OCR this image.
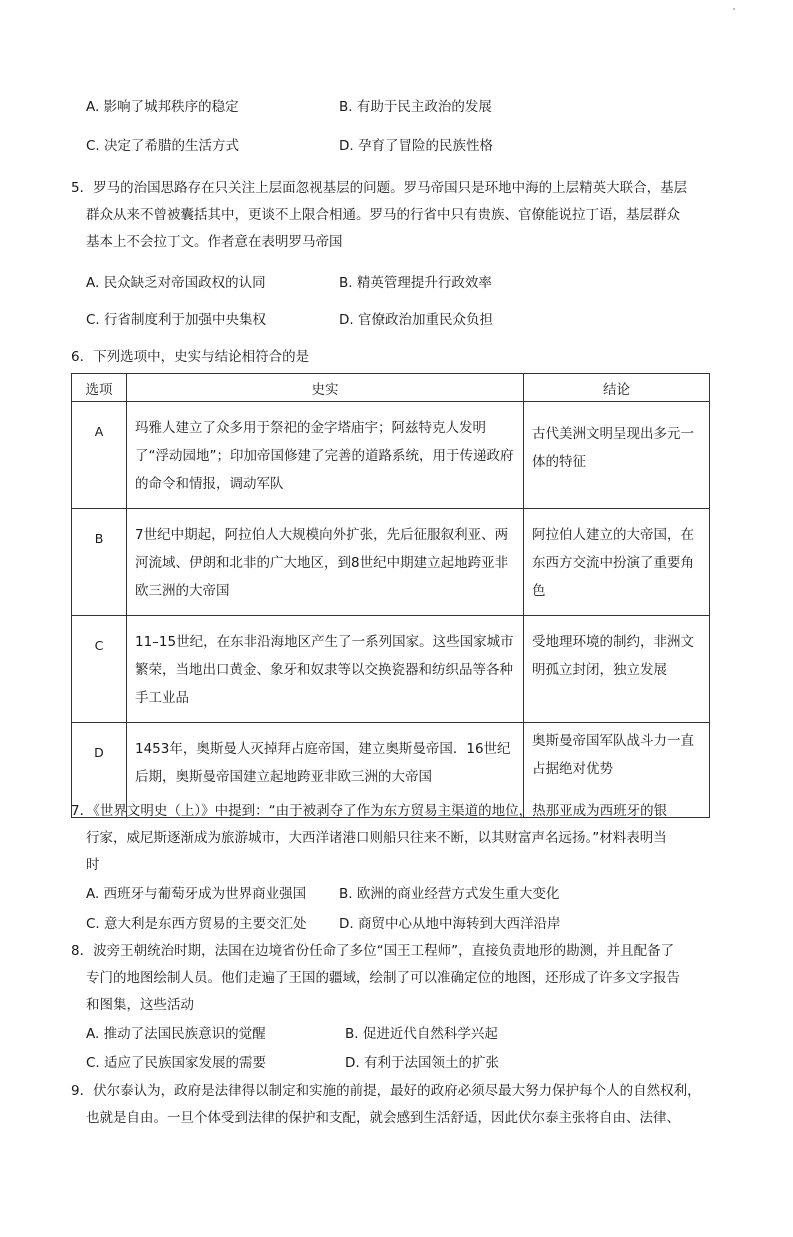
A. 影响了城邦秩序的稳定	B. 有助于民主政治的发展
C. 决定了希腊的生活方式	D. 孕育了冒险的民族性格
5．罗马的治国思路存在只关注上层面忽视基层的问题。罗马帝国只是环地中海的上层精英大联合，基层
群众从来不曾被囊括其中，更谈不上限合相通。罗马的行省中只有贵族、官僚能说拉丁语，基层群众
基本上不会拉丁文。作者意在表明罗马帝国
A. 民众缺乏对帝国政权的认同	B. 精英管理提升行政效率
C. 行省制度利于加强中央集权	D. 官僚政治加重民众负担
6．下列选项中，史实与结论相符合的是
选项	史实	结论
A	玛雅人建立了众多用于祭祀的金字塔庙宇；阿兹特克人发明了“浮动园地”；印加帝国修建了完善的道路系统，用于传递政府的命令和情报，调动军队	古代美洲文明呈现出多元一体的特征
B	7世纪中期起，阿拉伯人大规模向外扩张，先后征服叙利亚、两河流域、伊朗和北非的广大地区，到8世纪中期建立起地跨亚非欧三洲的大帝国	阿拉伯人建立的大帝国，在东西方交流中扮演了重要角色
C	11–15世纪，在东非沿海地区产生了一系列国家。这些国家城市繁荣，当地出口黄金、象牙和奴隶等以交换瓷器和纺织品等各种手工业品	受地理环境的制约，非洲文明孤立封闭，独立发展
D	1453年，奥斯曼人灭掉拜占庭帝国，建立奥斯曼帝国．16世纪后期，奥斯曼帝国建立起地跨亚非欧三洲的大帝国	奥斯曼帝国军队战斗力一直占据绝对优势
7．《世界文明史（上）》中提到：“由于被剥夺了作为东方贸易主渠道的地位，热那亚成为西班牙的银
行家，威尼斯逐渐成为旅游城市，大西洋诸港口则船只往来不断，以其财富声名远扬。”材料表明当
时
A. 西班牙与葡萄牙成为世界商业强国 B. 欧洲的商业经营方式发生重大变化
C. 意大利是东西方贸易的主要交汇处 D. 商贸中心从地中海转到大西洋沿岸
8．波旁王朝统治时期，法国在边境省份任命了多位“国王工程师”，直接负责地形的勘测，并且配备了
专门的地图绘制人员。他们走遍了王国的疆域，绘制了可以准确定位的地图，还形成了许多文字报告
和图集，这些活动
A. 推动了法国民族意识的觉醒	B. 促进近代自然科学兴起
C. 适应了民族国家发展的需要	D. 有利于法国领土的扩张
9．伏尔泰认为，政府是法律得以制定和实施的前提，最好的政府必须尽最大努力保护每个人的自然权利，
也就是自由。一旦个体受到法律的保护和支配，就会感到生活舒适，因此伏尔泰主张将自由、法律、
